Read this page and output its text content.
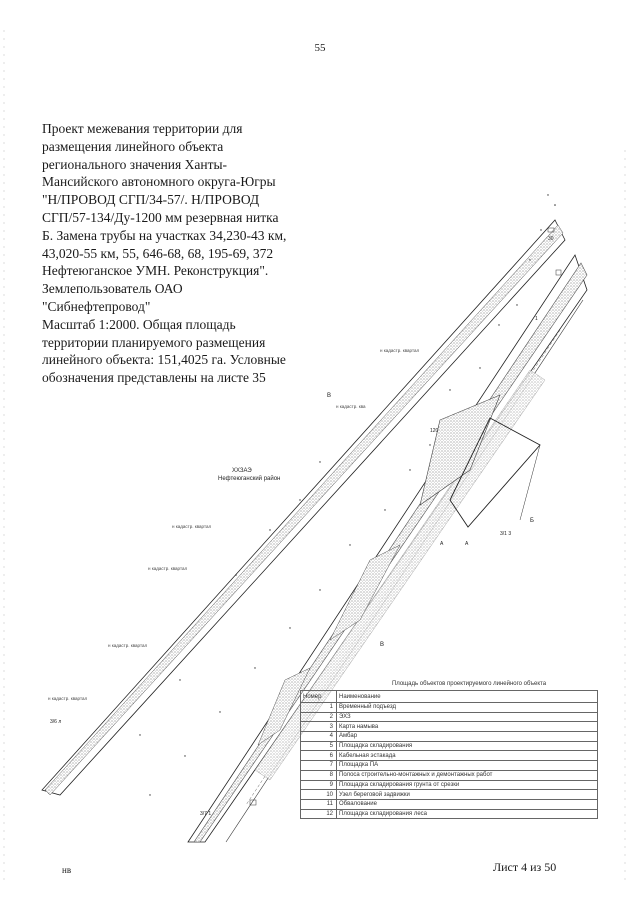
н кадастр. квартал
н кадастр. ква
н кадастр. квартал
н кадастр. квартал
н кадастр. квартал
н кадастр. квартал
3/6 л
3/1 3
А	А
1
30
120
3/7 1
ХХЗАЭ
Нефтеюганский район
В
Б
В
55
Проект межевания территории для
размещения линейного объекта
регионального значения Ханты-
Мансийского автономного округа-Югры
"Н/ПРОВОД СГП/34-57/. Н/ПРОВОД
СГП/57-134/Ду-1200 мм резервная нитка
Б. Замена трубы на участках 34,230-43 км,
43,020-55 км, 55, 646-68, 68, 195-69, 372
Нефтеюганское УМН. Реконструкция".
Землепользователь ОАО
"Сибнефтепровод"
Масштаб 1:2000. Общая площадь
территории планируемого размещения
линейного объекта: 151,4025 га. Условные
обозначения представлены на листе 35
Площадь объектов проектируемого линейного объекта
Номер	Наименование
1	Временный подъезд
2	ЭХЗ
3	Карта намыва
4	Амбар
5	Площадка складирования
6	Кабельная эстакада
7	Площадка ПА
8	Полоса строительно-монтажных и демонтажных работ
9	Площадка складирования грунта от срезки
10	Узел береговой задвижки
11	Обвалование
12	Площадка складирования леса
нв	Лист 4 из 50
